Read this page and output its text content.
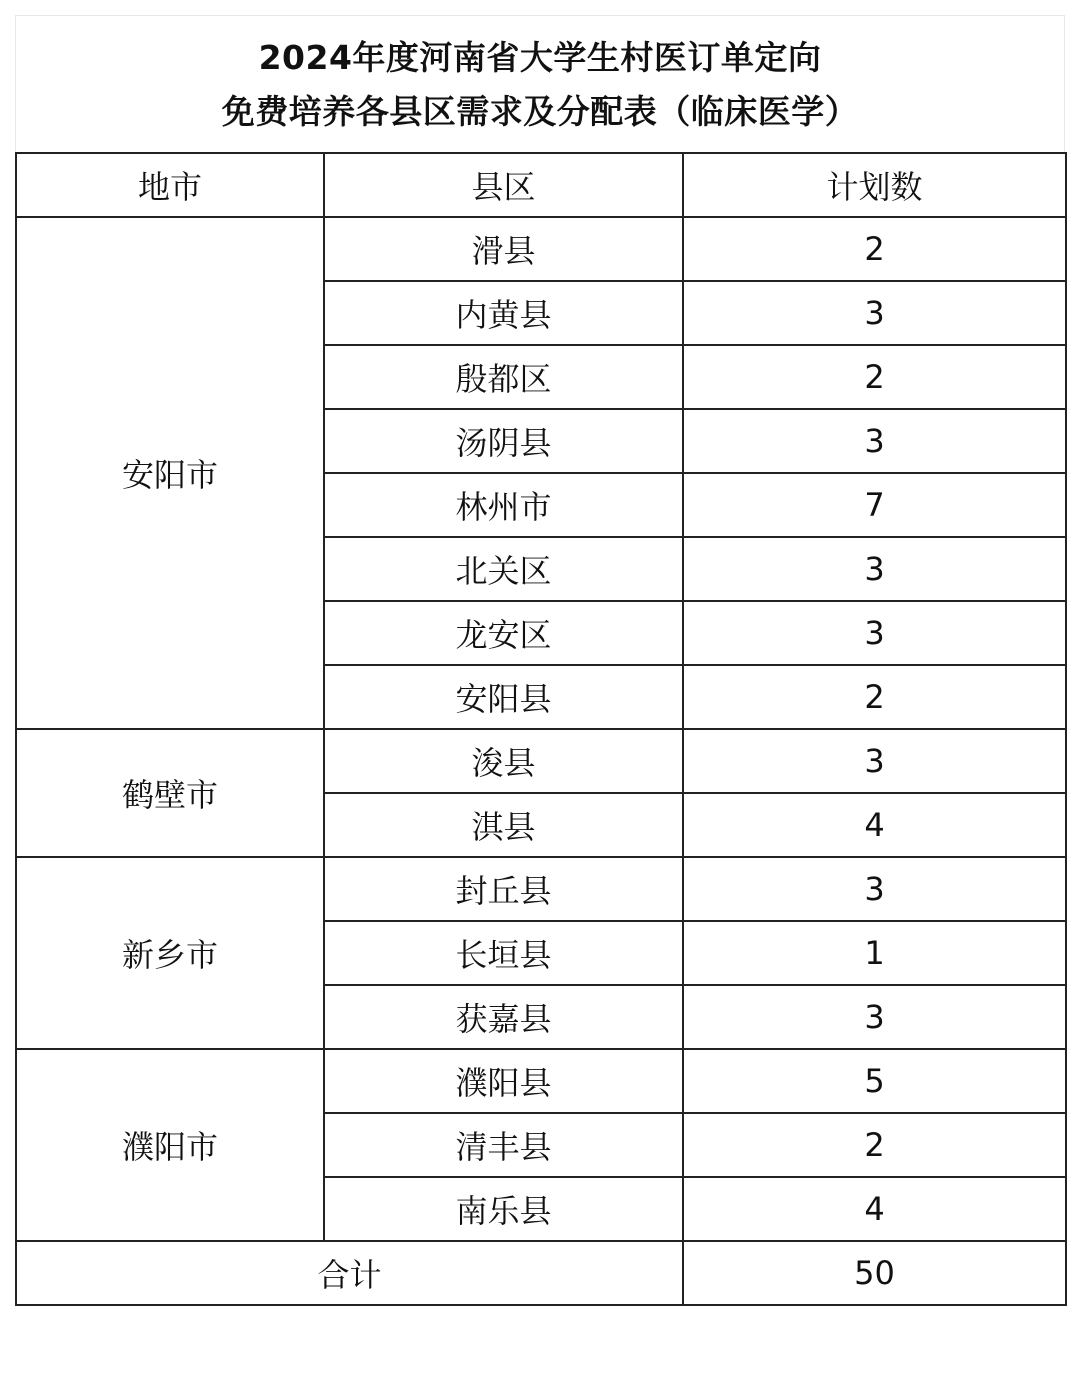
2024年度河南省大学生村医订单定向
免费培养各县区需求及分配表（临床医学）
地市	县区	计划数
安阳市	滑县	2
	内黄县	3
	殷都区	2
	汤阴县	3
	林州市	7
	北关区	3
	龙安区	3
	安阳县	2
鹤壁市	浚县	3
	淇县	4
新乡市	封丘县	3
	长垣县	1
	获嘉县	3
濮阳市	濮阳县	5
	清丰县	2
	南乐县	4
合计		50
